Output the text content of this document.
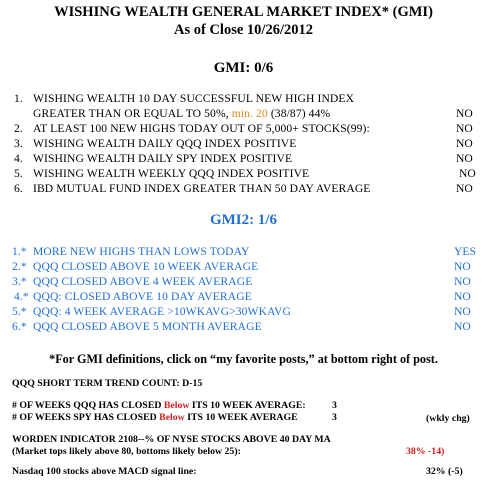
WISHING WEALTH GENERAL MARKET INDEX* (GMI)
As of Close 10/26/2012
GMI: 0/6
1. WISHING WEALTH 10 DAY SUCCESSFUL NEW HIGH INDEX
GREATER THAN OR EQUAL TO 50%, min. 20 (38/87) 44%	NO
2. AT LEAST 100 NEW HIGHS TODAY OUT OF 5,000+ STOCKS(99):	NO
3. WISHING WEALTH DAILY QQQ INDEX POSITIVE	NO
4. WISHING WEALTH DAILY SPY INDEX POSITIVE	NO
5. WISHING WEALTH WEEKLY QQQ INDEX POSITIVE	NO
6. IBD MUTUAL FUND INDEX GREATER THAN 50 DAY AVERAGE	NO
GMI2: 1/6
1.* MORE NEW HIGHS THAN LOWS TODAY	YES
2.* QQQ CLOSED ABOVE 10 WEEK AVERAGE	NO
3.* QQQ CLOSED ABOVE 4 WEEK AVERAGE	NO
4.* QQQ: CLOSED ABOVE 10 DAY AVERAGE	NO
5.* QQQ: 4 WEEK AVERAGE >10WKAVG>30WKAVG	NO
6.* QQQ CLOSED ABOVE 5 MONTH AVERAGE	NO
*For GMI definitions, click on “my favorite posts,” at bottom right of post.
QQQ SHORT TERM TREND COUNT: D-15
# OF WEEKS QQQ HAS CLOSED Below ITS 10 WEEK AVERAGE:	3
# OF WEEKS SPY HAS CLOSED Below ITS 10 WEEK AVERAGE	3	(wkly chg)
WORDEN INDICATOR 2108--% OF NYSE STOCKS ABOVE 40 DAY MA
(Market tops likely above 80, bottoms likely below 25):	38% -14)
Nasdaq 100 stocks above MACD signal line:	32% (-5)
